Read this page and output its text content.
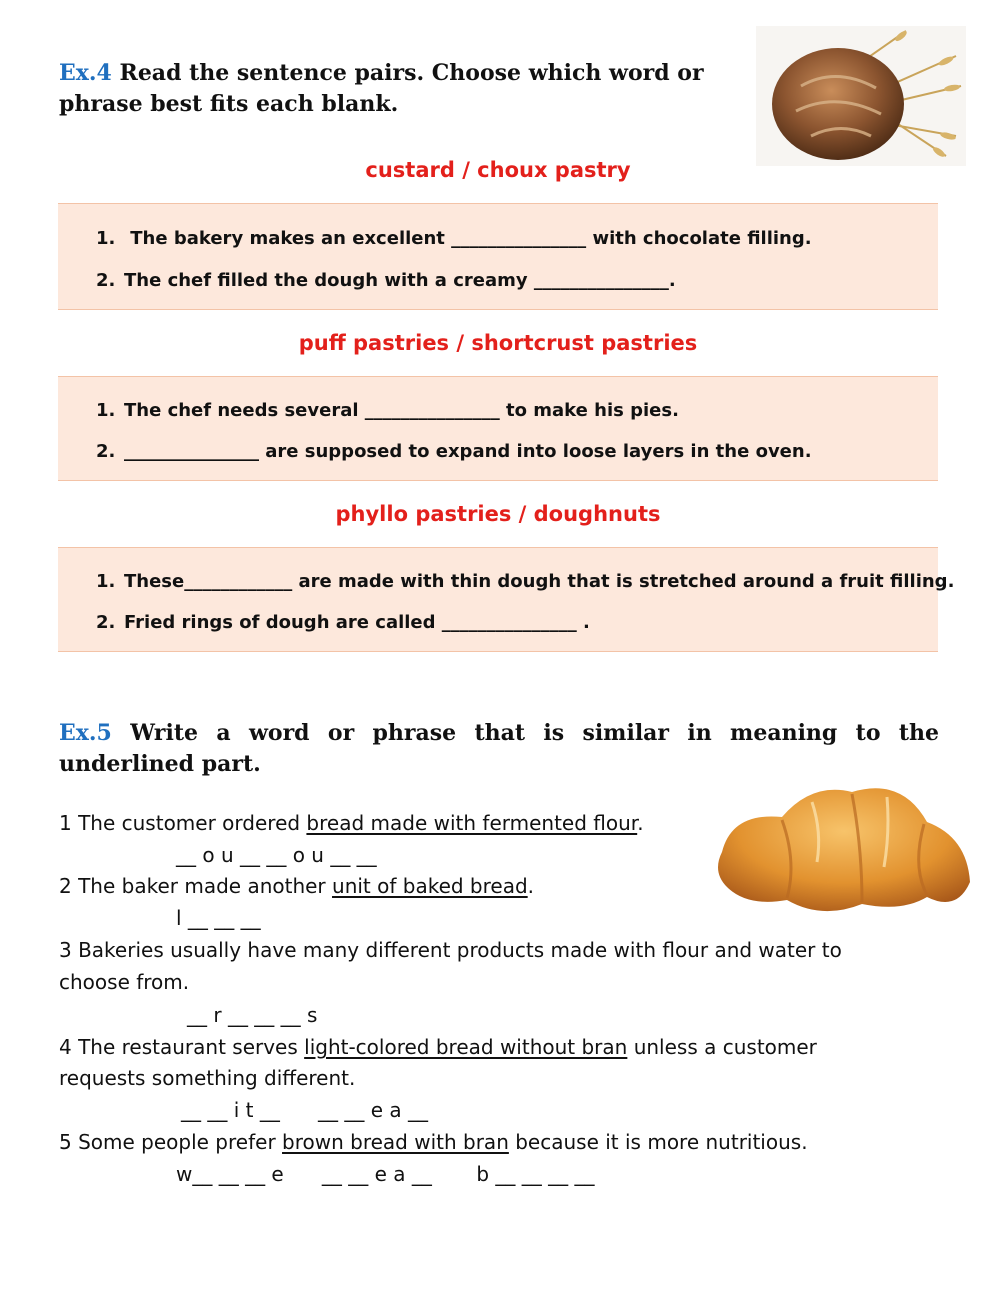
Ex.4 Read the sentence pairs. Choose which word or phrase best fits each blank.
custard / choux pastry
1. The bakery makes an excellent _______________ with chocolate filling.
2. The chef filled the dough with a creamy _______________.
puff pastries / shortcrust pastries
1. The chef needs several _______________ to make his pies.
2. _______________ are supposed to expand into loose layers in the oven.
phyllo pastries / doughnuts
1. These____________ are made with thin dough that is stretched around a fruit filling.
2. Fried rings of dough are called _______________ .
Ex.5 Write a word or phrase that is similar in meaning to the underlined part.
1 The customer ordered bread made with fermented flour.
__ o u __ __ o u __ __
2 The baker made another unit of baked bread.
l __ __ __
3 Bakeries usually have many different products made with flour and water to
choose from.
__ r __ __ __ s
4 The restaurant serves light-colored bread without bran unless a customer
requests something different.
__ __ i t __      __ __ e a __
5 Some people prefer brown bread with bran because it is more nutritious.
w__ __ __ e      __ __ e a __       b __ __ __ __
